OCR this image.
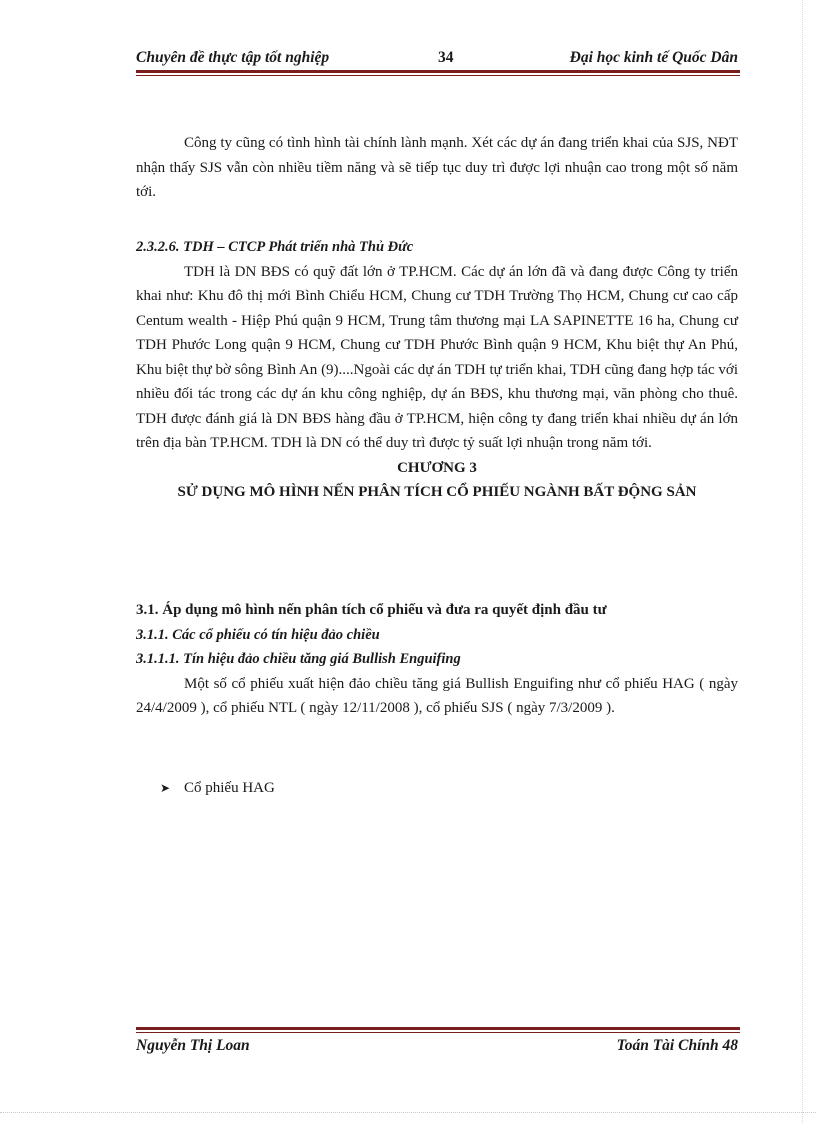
Chuyên đề thực tập tốt nghiệp	34	Đại học kinh tế Quốc Dân

Công ty cũng có tình hình tài chính lành mạnh. Xét các dự án đang triển khai của SJS, NĐT nhận thấy SJS vẫn còn nhiều tiềm năng và sẽ tiếp tục duy trì được lợi nhuận cao trong một số năm tới.

2.3.2.6. TDH – CTCP Phát triển nhà Thủ Đức

TDH là DN BĐS có quỹ đất lớn ở TP.HCM. Các dự án lớn đã và đang được Công ty triển khai như: Khu đô thị mới Bình Chiểu HCM, Chung cư TDH Trường Thọ HCM, Chung cư cao cấp Centum wealth - Hiệp Phú quận 9 HCM, Trung tâm thương mại LA SAPINETTE 16 ha, Chung cư TDH Phước Long quận 9 HCM, Chung cư TDH Phước Bình quận 9 HCM, Khu biệt thự An Phú, Khu biệt thự bờ sông Bình An (9)....Ngoài các dự án TDH tự triển khai, TDH cũng đang hợp tác với nhiều đối tác trong các dự án khu công nghiệp, dự án BĐS, khu thương mại, văn phòng cho thuê. TDH được đánh giá là DN BĐS hàng đầu ở TP.HCM, hiện công ty đang triển khai nhiều dự án lớn trên địa bàn TP.HCM. TDH là DN có thể duy trì được tỷ suất lợi nhuận trong năm tới.

CHƯƠNG 3

SỬ DỤNG MÔ HÌNH NẾN PHÂN TÍCH CỔ PHIẾU NGÀNH BẤT ĐỘNG SẢN

3.1. Áp dụng mô hình nến phân tích cổ phiếu và đưa ra quyết định đầu tư

3.1.1. Các cổ phiếu có tín hiệu đảo chiều

3.1.1.1. Tín hiệu đảo chiều tăng giá Bullish Enguifing

Một số cổ phiếu xuất hiện đảo chiều tăng giá Bullish Enguifing như cổ phiếu HAG ( ngày 24/4/2009 ), cổ phiếu NTL ( ngày 12/11/2008 ), cổ phiếu SJS ( ngày 7/3/2009 ).

➤ Cổ phiếu HAG
Nguyễn Thị Loan	Toán Tài Chính 48
